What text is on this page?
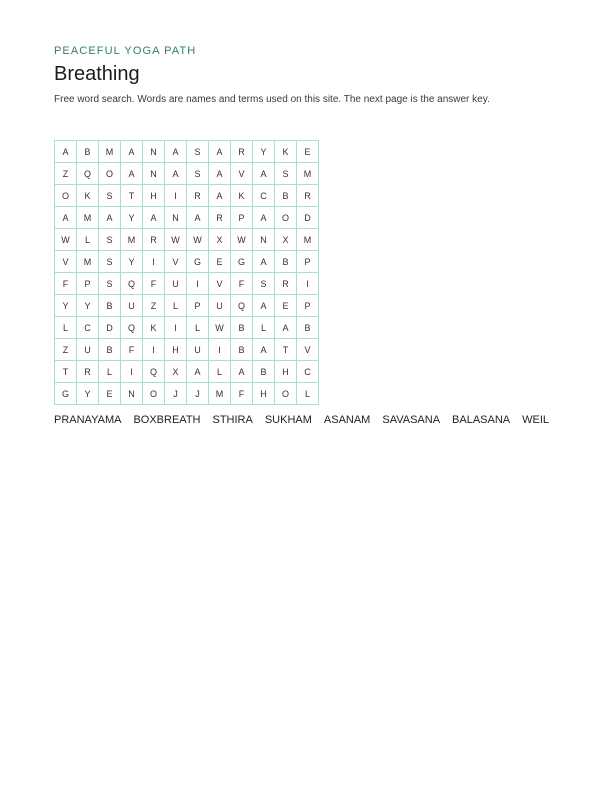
PEACEFUL YOGA PATH
Breathing

Free word search. Words are names and terms used on this site. The next page is the answer key.

A	B	M	A	N	A	S	A	R	Y	K	E
Z	Q	O	A	N	A	S	A	V	A	S	M
O	K	S	T	H	I	R	A	K	C	B	R
A	M	A	Y	A	N	A	R	P	A	O	D
W	L	S	M	R	W	W	X	W	N	X	M
V	M	S	Y	I	V	G	E	G	A	B	P
F	P	S	Q	F	U	I	V	F	S	R	I
Y	Y	B	U	Z	L	P	U	Q	A	E	P
L	C	D	Q	K	I	L	W	B	L	A	B
Z	U	B	F	I	H	U	I	B	A	T	V
T	R	L	I	Q	X	A	L	A	B	H	C
G	Y	E	N	O	J	J	M	F	H	O	L
PRANAYAMA BOXBREATH STHIRA SUKHAM ASANAM SAVASANA BALASANA WEIL
